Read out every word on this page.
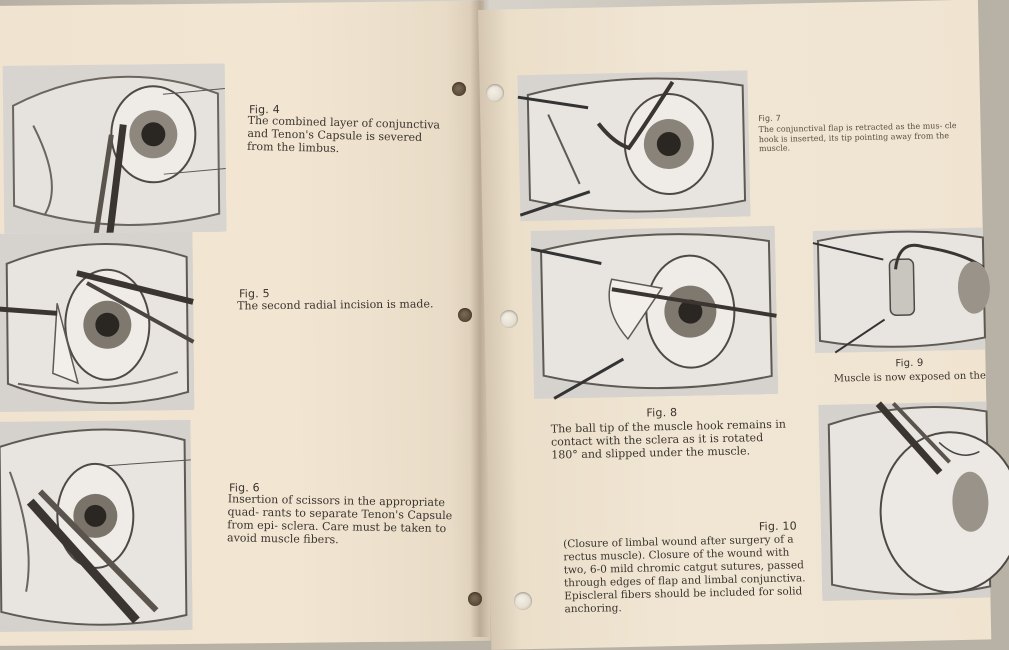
Fig. 4
The combined layer of conjunctiva and Tenon's Capsule is severed from the limbus.
Fig. 5
The second radial incision is made.
Fig. 6
Insertion of scissors in the appropriate quad- rants to separate Tenon's Capsule from epi- sclera. Care must be taken to avoid muscle fibers.
Fig. 7
The conjunctival flap is retracted as the mus- cle hook is inserted, its tip pointing away from the muscle.
Fig. 8
The ball tip of the muscle hook remains in contact with the sclera as it is rotated 180° and slipped under the muscle.
Fig. 9
Muscle is now exposed on the
Fig. 10
(Closure of limbal wound after surgery of a rectus muscle). Closure of the wound with two, 6-0 mild chromic catgut sutures, passed through edges of flap and limbal conjunctiva. Episcleral fibers should be included for solid anchoring.
